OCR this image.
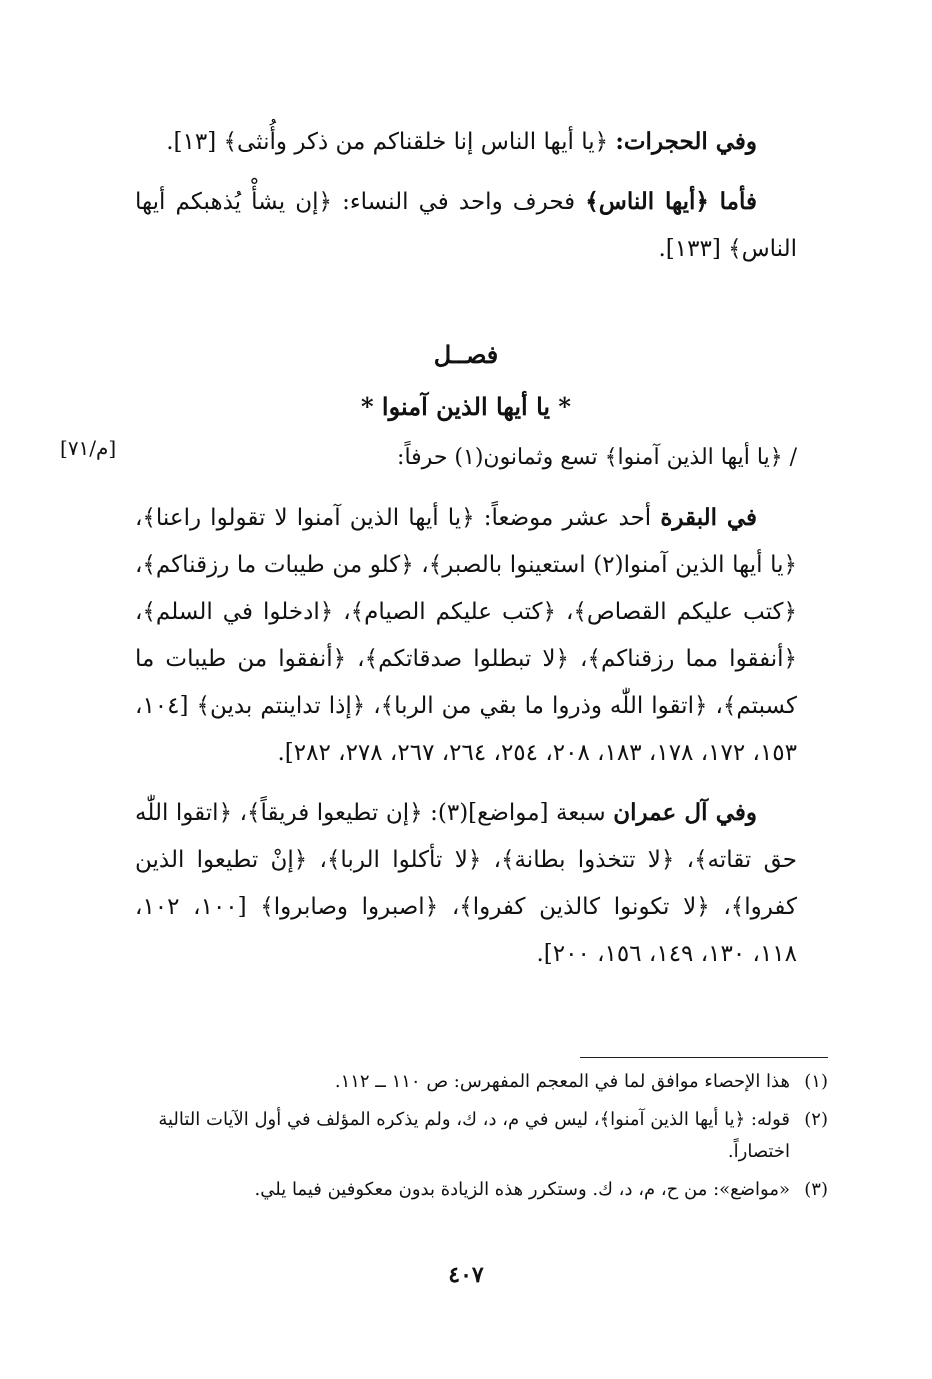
وفي الحجرات: ﴿يا أيها الناس إنا خلقناكم من ذكر وأُنثى﴾ [١٣].

فأما ﴿أيها الناس﴾ فحرف واحد في النساء: ﴿إن يشأْ يُذهبكم أيها الناس﴾ [١٣٣].

فصــل
* يا أيها الذين آمنوا *
/ ﴿يا أيها الذين آمنوا﴾ تسع وثمانون(١) حرفاً:
[م/٧١]

في البقرة أحد عشر موضعاً: ﴿يا أيها الذين آمنوا لا تقولوا راعنا﴾، ﴿يا أيها الذين آمنوا(٢) استعينوا بالصبر﴾، ﴿كلو من طيبات ما رزقناكم﴾، ﴿كتب عليكم القصاص﴾، ﴿كتب عليكم الصيام﴾، ﴿ادخلوا في السلم﴾، ﴿أنفقوا مما رزقناكم﴾، ﴿لا تبطلوا صدقاتكم﴾، ﴿أنفقوا من طيبات ما كسبتم﴾، ﴿اتقوا اللّٰه وذروا ما بقي من الربا﴾، ﴿إذا تداينتم بدين﴾ [١٠٤، ١٥٣، ١٧٢، ١٧٨، ١٨٣، ٢٠٨، ٢٥٤، ٢٦٤، ٢٦٧، ٢٧٨، ٢٨٢].

وفي آل عمران سبعة [مواضع](٣): ﴿إن تطيعوا فريقاً﴾، ﴿اتقوا اللّٰه حق تقاته﴾، ﴿لا تتخذوا بطانة﴾، ﴿لا تأكلوا الربا﴾، ﴿إنْ تطيعوا الذين كفروا﴾، ﴿لا تكونوا كالذين كفروا﴾، ﴿اصبروا وصابروا﴾ [١٠٠، ١٠٢، ١١٨، ١٣٠، ١٤٩، ١٥٦، ٢٠٠].

(١)
هذا الإحصاء موافق لما في المعجم المفهرس: ص ١١٠ ــ ١١٢.

(٢)
قوله: ﴿يا أيها الذين آمنوا﴾، ليس في م، د، ك، ولم يذكره المؤلف في أول الآيات التالية اختصاراً.

(٣)
«مواضع»: من ح، م، د، ك. وستكرر هذه الزيادة بدون معكوفين فيما يلي.

٤٠٧
